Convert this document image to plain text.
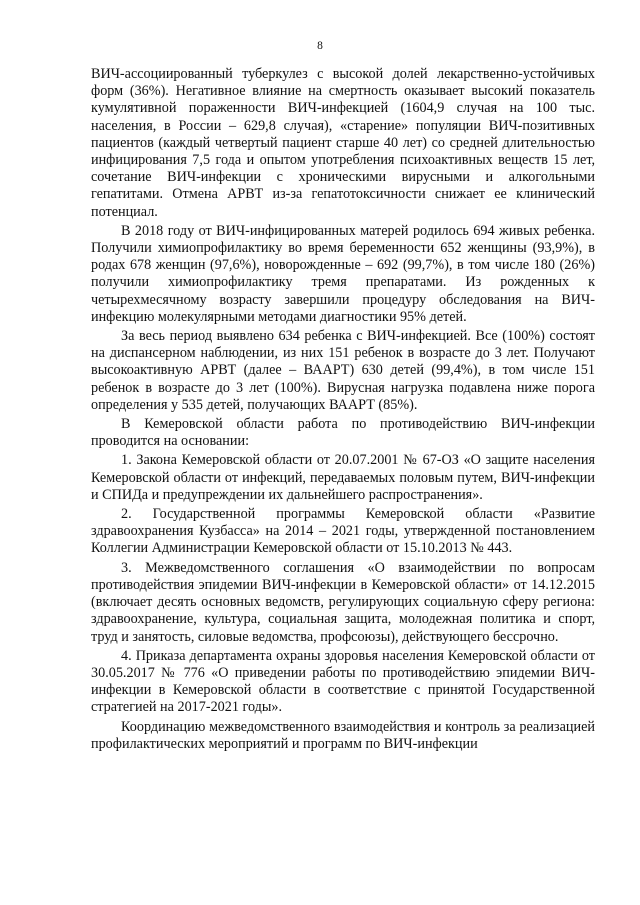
8

ВИЧ-ассоциированный туберкулез с высокой долей лекарственно-устойчивых форм (36%). Негативное влияние на смертность оказывает высокий показатель кумулятивной пораженности ВИЧ-инфекцией (1604,9 случая на 100 тыс. населения, в России – 629,8 случая), «старение» популяции ВИЧ-позитивных пациентов (каждый четвертый пациент старше 40 лет) со средней длительностью инфицирования 7,5 года и опытом употребления психоактивных веществ 15 лет, сочетание ВИЧ-инфекции с хроническими вирусными и алкогольными гепатитами. Отмена АРВТ из-за гепатотоксичности снижает ее клинический потенциал.

В 2018 году от ВИЧ-инфицированных матерей родилось 694 живых ребенка. Получили химиопрофилактику во время беременности 652 женщины (93,9%), в родах 678 женщин (97,6%), новорожденные – 692 (99,7%), в том числе 180 (26%) получили химиопрофилактику тремя препаратами. Из рожденных к четырехмесячному возрасту завершили процедуру обследования на ВИЧ-инфекцию молекулярными методами диагностики 95% детей.

За весь период выявлено 634 ребенка с ВИЧ-инфекцией. Все (100%) состоят на диспансерном наблюдении, из них 151 ребенок в возрасте до 3 лет. Получают высокоактивную АРВТ (далее – ВААРТ) 630 детей (99,4%), в том числе 151 ребенок в возрасте до 3 лет (100%). Вирусная нагрузка подавлена ниже порога определения у 535 детей, получающих ВААРТ (85%).

В Кемеровской области работа по противодействию ВИЧ-инфекции проводится на основании:

1. Закона Кемеровской области от 20.07.2001 № 67-ОЗ «О защите населения Кемеровской области от инфекций, передаваемых половым путем, ВИЧ-инфекции и СПИДа и предупреждении их дальнейшего распространения».

2. Государственной программы Кемеровской области «Развитие здравоохранения Кузбасса» на 2014 – 2021 годы, утвержденной постановлением Коллегии Администрации Кемеровской области от 15.10.2013 № 443.

3. Межведомственного соглашения «О взаимодействии по вопросам противодействия эпидемии ВИЧ-инфекции в Кемеровской области» от 14.12.2015 (включает десять основных ведомств, регулирующих социальную сферу региона: здравоохранение, культура, социальная защита, молодежная политика и спорт, труд и занятость, силовые ведомства, профсоюзы), действующего бессрочно.

4. Приказа департамента охраны здоровья населения Кемеровской области от 30.05.2017 № 776 «О приведении работы по противодействию эпидемии ВИЧ-инфекции в Кемеровской области в соответствие с принятой Государственной стратегией на 2017-2021 годы».

Координацию межведомственного взаимодействия и контроль за реализацией профилактических мероприятий и программ по ВИЧ-инфекции
